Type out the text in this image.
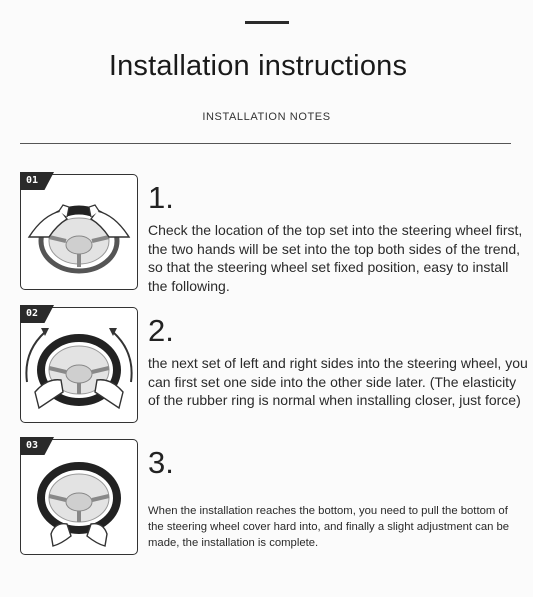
Installation instructions
INSTALLATION NOTES
01	1.
Check the location of the top set into the steering wheel first, the two hands will be set into the top both sides of the trend, so that the steering wheel set fixed position, easy to install the following.
02	2.
the next set of left and right sides into the steering wheel, you can first set one side into the other side later. (The elasticity of the rubber ring is normal when installing closer, just force)
03	3.
When the installation reaches the bottom, you need to pull the bottom of the steering wheel cover hard into, and finally a slight adjustment can be made, the installation is complete.
